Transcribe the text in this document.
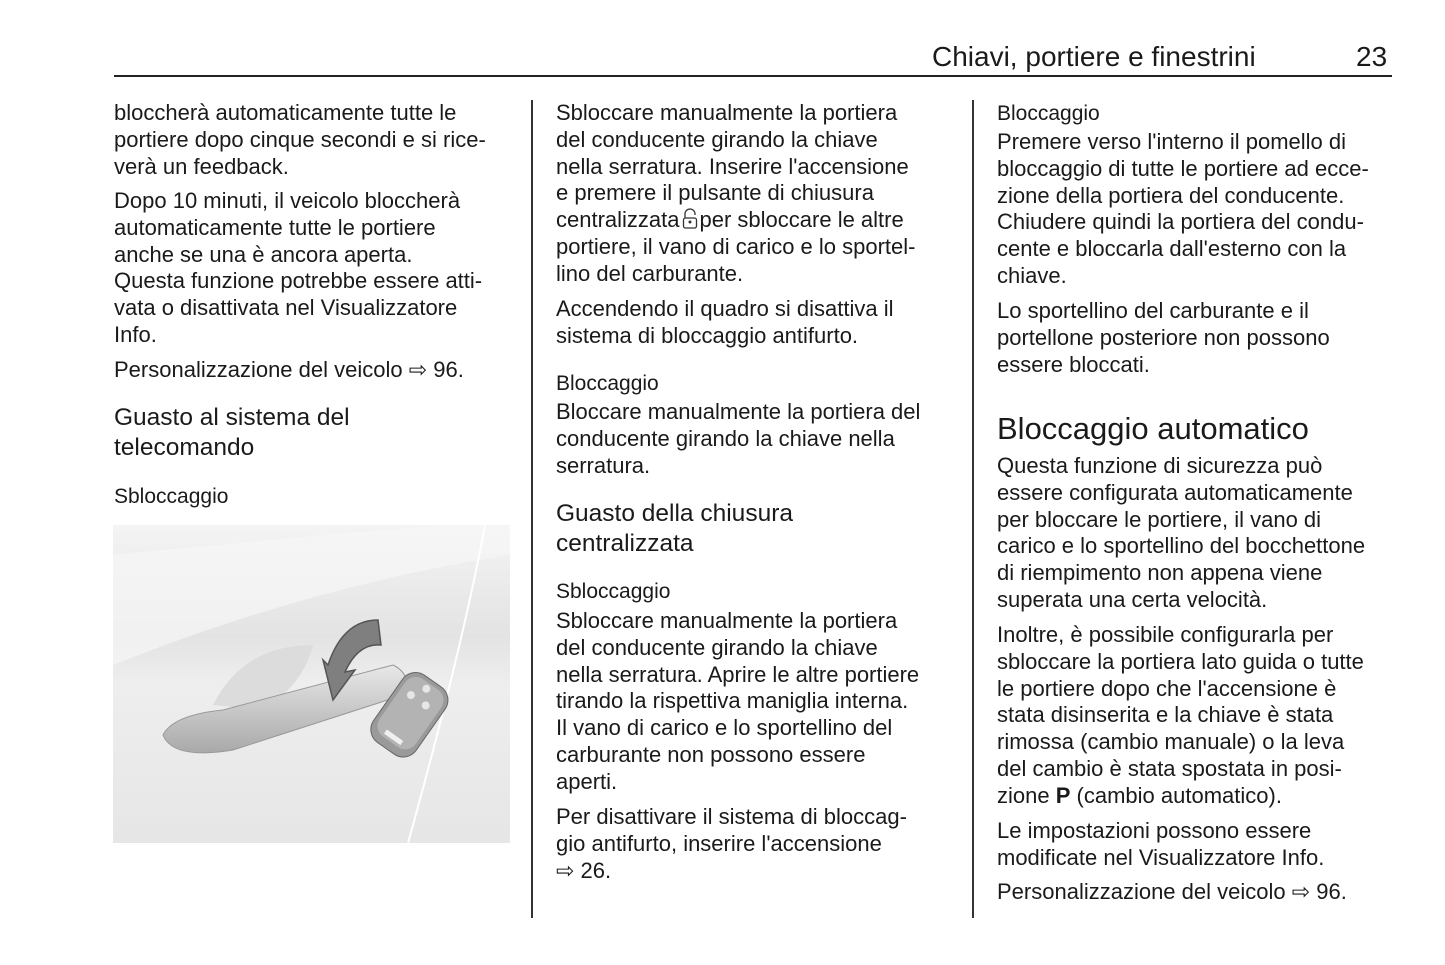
Chiavi, portiere e finestrini	23
bloccherà automaticamente tutte le
portiere dopo cinque secondi e si rice-
verà un feedback.
Dopo 10 minuti, il veicolo bloccherà
automaticamente tutte le portiere
anche se una è ancora aperta.
Questa funzione potrebbe essere atti-
vata o disattivata nel Visualizzatore
Info.
Personalizzazione del veicolo ⇨ 96.
Guasto al sistema del
telecomando
Sbloccaggio
Sbloccare manualmente la portiera
del conducente girando la chiave
nella serratura. Inserire l'accensione
e premere il pulsante di chiusura
centralizzata per sbloccare le altre
portiere, il vano di carico e lo sportel-
lino del carburante.
Accendendo il quadro si disattiva il
sistema di bloccaggio antifurto.
Bloccaggio
Bloccare manualmente la portiera del
conducente girando la chiave nella
serratura.
Guasto della chiusura
centralizzata
Sbloccaggio
Sbloccare manualmente la portiera
del conducente girando la chiave
nella serratura. Aprire le altre portiere
tirando la rispettiva maniglia interna.
Il vano di carico e lo sportellino del
carburante non possono essere
aperti.
Per disattivare il sistema di bloccag-
gio antifurto, inserire l'accensione
⇨ 26.
Bloccaggio
Premere verso l'interno il pomello di
bloccaggio di tutte le portiere ad ecce-
zione della portiera del conducente.
Chiudere quindi la portiera del condu-
cente e bloccarla dall'esterno con la
chiave.
Lo sportellino del carburante e il
portellone posteriore non possono
essere bloccati.
Bloccaggio automatico
Questa funzione di sicurezza può
essere configurata automaticamente
per bloccare le portiere, il vano di
carico e lo sportellino del bocchettone
di riempimento non appena viene
superata una certa velocità.
Inoltre, è possibile configurarla per
sbloccare la portiera lato guida o tutte
le portiere dopo che l'accensione è
stata disinserita e la chiave è stata
rimossa (cambio manuale) o la leva
del cambio è stata spostata in posi-
zione P (cambio automatico).
Le impostazioni possono essere
modificate nel Visualizzatore Info.
Personalizzazione del veicolo ⇨ 96.
